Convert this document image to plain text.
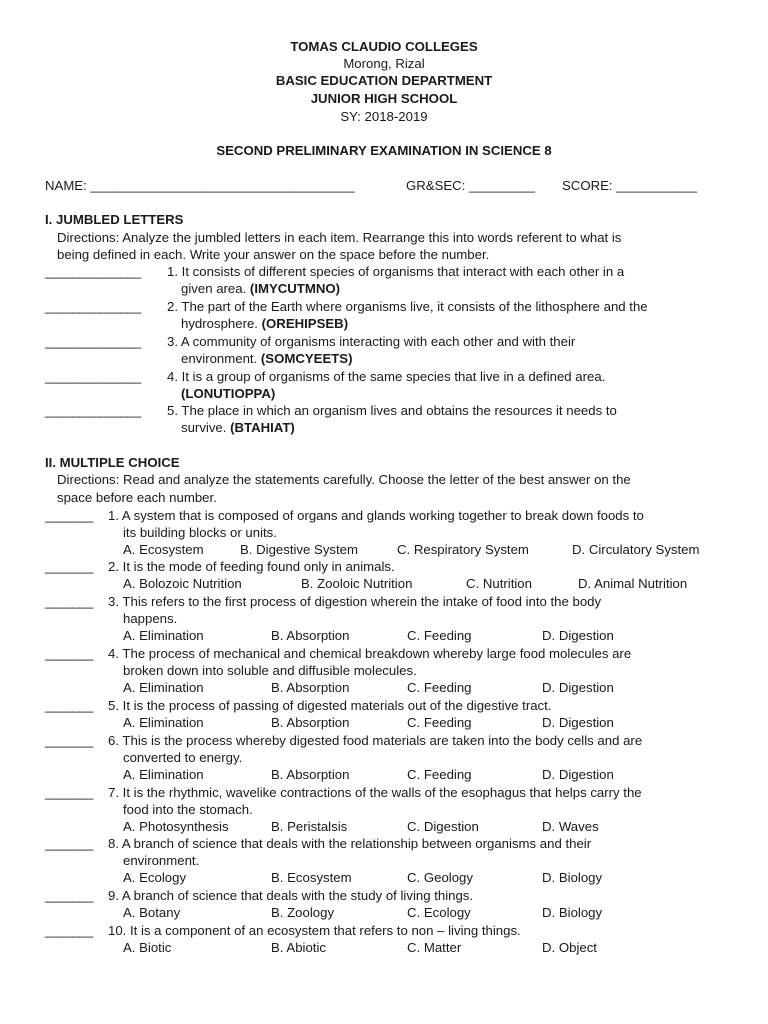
TOMAS CLAUDIO COLLEGES
Morong, Rizal
BASIC EDUCATION DEPARTMENT
JUNIOR HIGH SCHOOL
SY: 2018-2019
SECOND PRELIMINARY EXAMINATION IN SCIENCE 8
NAME: ____________________________________	GR&SEC: _________ SCORE: ___________
I. JUMBLED LETTERS
Directions: Analyze the jumbled letters in each item. Rearrange this into words referent to what is
being defined in each. Write your answer on the space before the number.
______________ 1. It consists of different species of organisms that interact with each other in a
given area. (IMYCUTMNO)
______________ 2. The part of the Earth where organisms live, it consists of the lithosphere and the
hydrosphere. (OREHIPSEB)
______________ 3. A community of organisms interacting with each other and with their
environment. (SOMCYEETS)
______________ 4. It is a group of organisms of the same species that live in a defined area.
(LONUTIOPPA)
______________ 5. The place in which an organism lives and obtains the resources it needs to
survive. (BTAHIAT)
II. MULTIPLE CHOICE
Directions: Read and analyze the statements carefully. Choose the letter of the best answer on the
space before each number.
_______ 1. A system that is composed of organs and glands working together to break down foods to
its building blocks or units.
A. Ecosystem	B. Digestive System	C. Respiratory System	D. Circulatory System
_______ 2. It is the mode of feeding found only in animals.
A. Bolozoic Nutrition	B. Zooloic Nutrition	C. Nutrition	D. Animal Nutrition
_______ 3. This refers to the first process of digestion wherein the intake of food into the body
happens.
A. Elimination	B. Absorption	C. Feeding	D. Digestion
_______ 4. The process of mechanical and chemical breakdown whereby large food molecules are
broken down into soluble and diffusible molecules.
A. Elimination	B. Absorption	C. Feeding	D. Digestion
_______ 5. It is the process of passing of digested materials out of the digestive tract.
A. Elimination	B. Absorption	C. Feeding	D. Digestion
_______ 6. This is the process whereby digested food materials are taken into the body cells and are
converted to energy.
A. Elimination	B. Absorption	C. Feeding	D. Digestion
_______ 7. It is the rhythmic, wavelike contractions of the walls of the esophagus that helps carry the
food into the stomach.
A. Photosynthesis	B. Peristalsis	C. Digestion	D. Waves
_______ 8. A branch of science that deals with the relationship between organisms and their
environment.
A. Ecology	B. Ecosystem	C. Geology	D. Biology
_______ 9. A branch of science that deals with the study of living things.
A. Botany	B. Zoology	C. Ecology	D. Biology
_______ 10. It is a component of an ecosystem that refers to non – living things.
A. Biotic	B. Abiotic	C. Matter	D. Object
